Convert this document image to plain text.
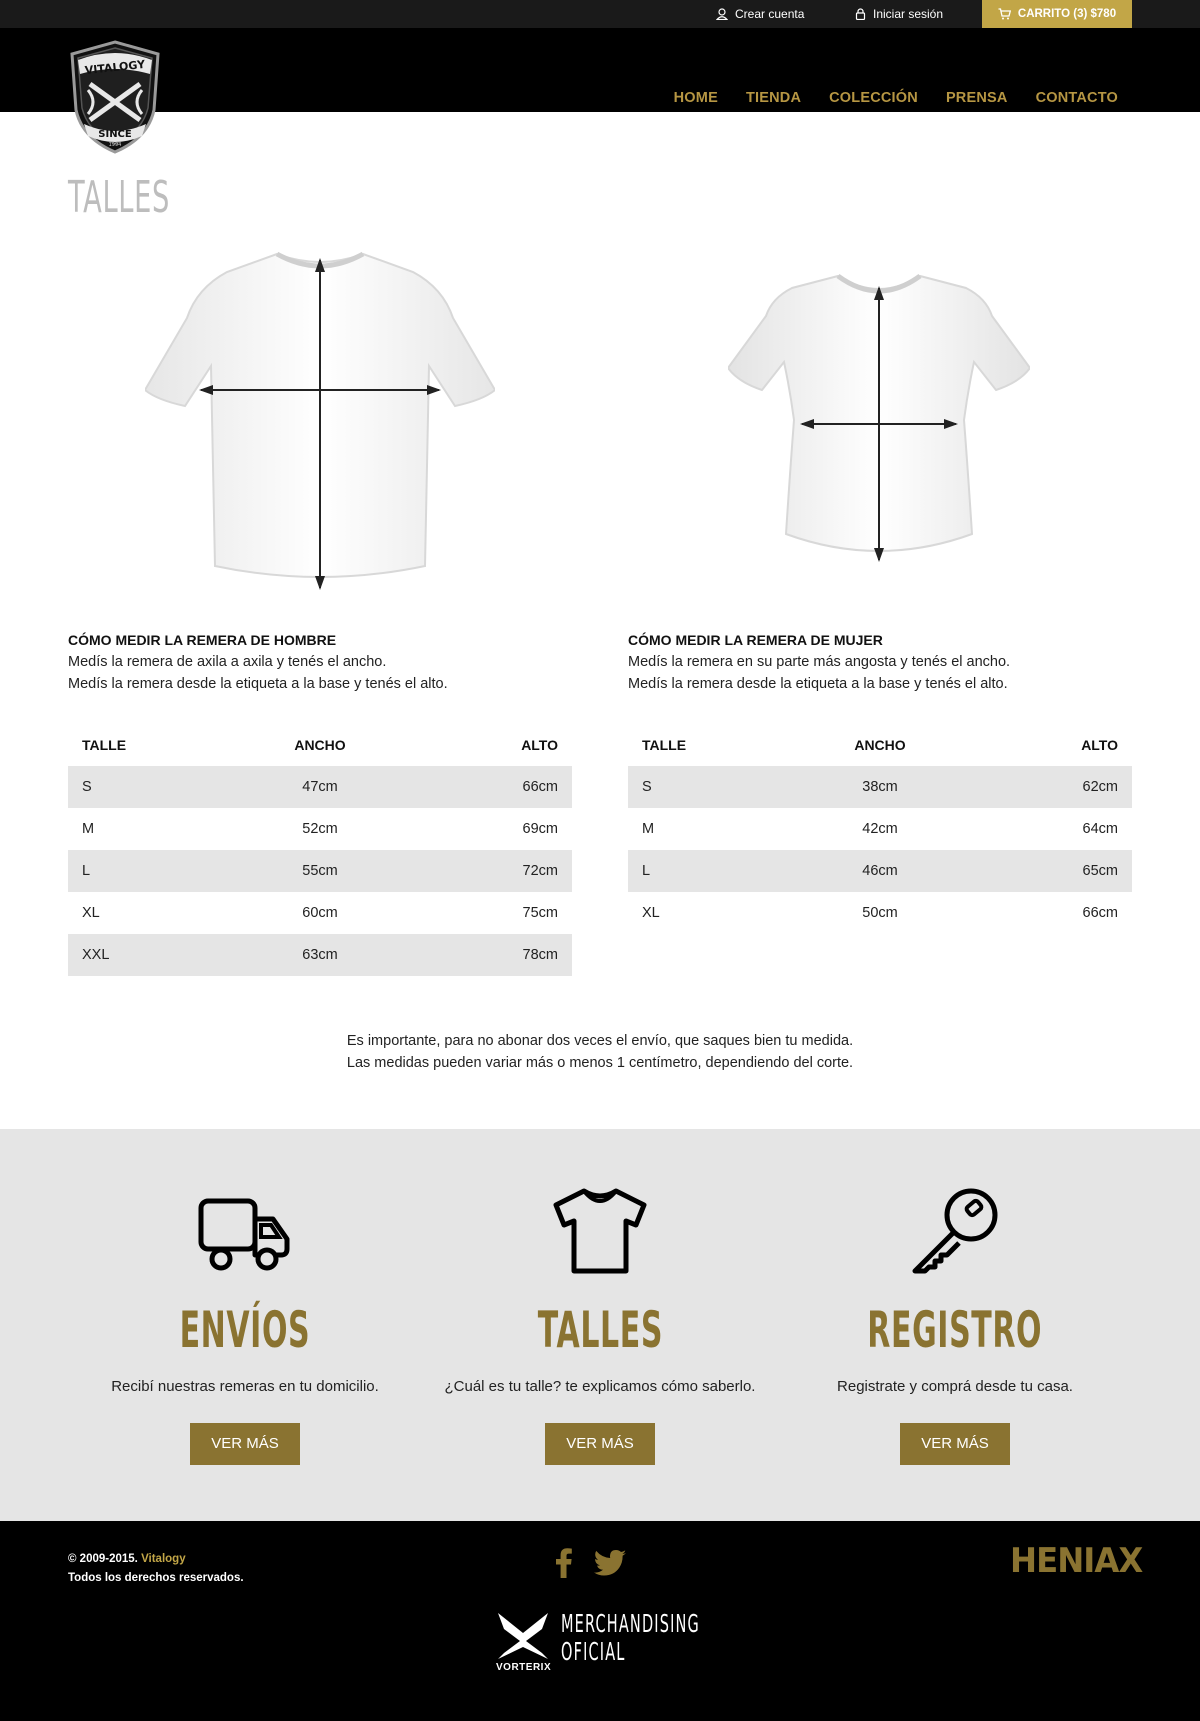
Crear cuenta	Iniciar sesión	CARRITO (3) $780
HOME TIENDA COLECCIÓN PRENSA CONTACTO
VITALOGY
SINCE
1994
TALLES
CÓMO MEDIR LA REMERA DE HOMBRE

Medís la remera de axila a axila y tenés el ancho.

Medís la remera desde la etiqueta a la base y tenés el alto.

CÓMO MEDIR LA REMERA DE MUJER

Medís la remera en su parte más angosta y tenés el ancho.

Medís la remera desde la etiqueta a la base y tenés el alto.

TALLE	ANCHO	ALTO
S	47cm	66cm
M	52cm	69cm
L	55cm	72cm
XL	60cm	75cm
XXL	63cm	78cm
TALLE	ANCHO	ALTO
S	38cm	62cm
M	42cm	64cm
L	46cm	65cm
XL	50cm	66cm

Es importante, para no abonar dos veces el envío, que saques bien tu medida.

Las medidas pueden variar más o menos 1 centímetro, dependiendo del corte.

ENVÍOS

Recibí nuestras remeras en tu domicilio.

VER MÁS
TALLES

¿Cuál es tu talle? te explicamos cómo saberlo.

VER MÁS
REGISTRO

Registrate y comprá desde tu casa.

VER MÁS
© 2009-2015. Vitalogy
Todos los derechos reservados.	HENIAX
VORTERIX
MERCHANDISING
OFICIAL
